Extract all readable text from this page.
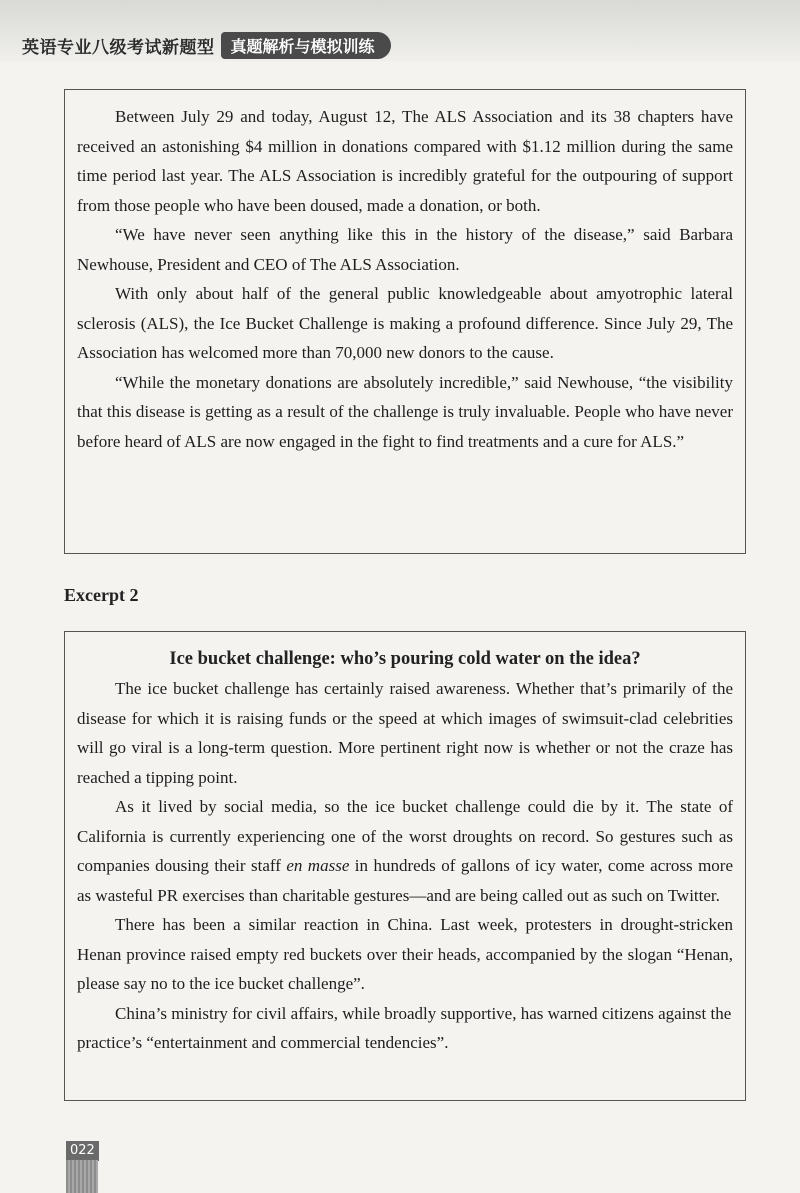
英语专业八级考试新题型	真题解析与模拟训练

Between July 29 and today, August 12, The ALS Association and its 38 chapters have received an astonishing $4 million in donations compared with $1.12 million during the same time period last year. The ALS Association is incredibly grateful for the outpouring of support from those people who have been doused, made a donation, or both.

“We have never seen anything like this in the history of the disease,” said Barbara Newhouse, President and CEO of The ALS Association.

With only about half of the general public knowledgeable about amyotrophic lateral sclerosis (ALS), the Ice Bucket Challenge is making a profound difference. Since July 29, The Association has welcomed more than 70,000 new donors to the cause.

“While the monetary donations are absolutely incredible,” said Newhouse, “the visibility that this disease is getting as a result of the challenge is truly invaluable. People who have never before heard of ALS are now engaged in the fight to find treatments and a cure for ALS.”

Excerpt 2

Ice bucket challenge: who’s pouring cold water on the idea?

The ice bucket challenge has certainly raised awareness. Whether that’s primarily of the disease for which it is raising funds or the speed at which images of swimsuit-clad celebrities will go viral is a long-term question. More pertinent right now is whether or not the craze has reached a tipping point.

As it lived by social media, so the ice bucket challenge could die by it. The state of California is currently experiencing one of the worst droughts on record. So gestures such as companies dousing their staff en masse in hundreds of gallons of icy water, come across more as wasteful PR exercises than charitable gestures—and are being called out as such on Twitter.

There has been a similar reaction in China. Last week, protesters in drought-stricken Henan province raised empty red buckets over their heads, accompanied by the slogan “Henan, please say no to the ice bucket challenge”.

China’s ministry for civil affairs, while broadly supportive, has warned citizens against the practice’s “entertainment and commercial tendencies”.

022
